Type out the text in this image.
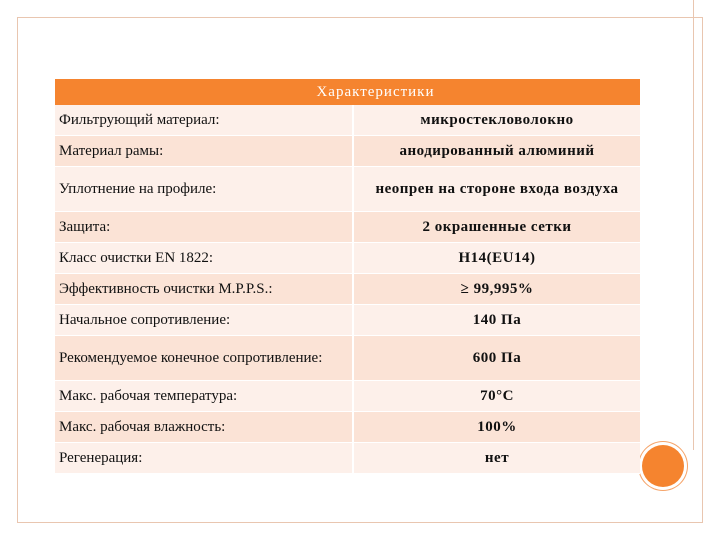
Характеристики	
Фильтрующий материал:	микростекловолокно
Материал рамы:	анодированный алюминий
Уплотнение на профиле:	неопрен на стороне входа воздуха
Защита:	2 окрашенные сетки
Класс очистки EN 1822:	H14(EU14)
Эффективность очистки M.P.P.S.:	≥ 99,995%
Начальное сопротивление:	140 Па
Рекомендуемое конечное сопротивление:	600 Па
Макс. рабочая температура:	70°C
Макс. рабочая влажность:	100%
Регенерация:	нет
